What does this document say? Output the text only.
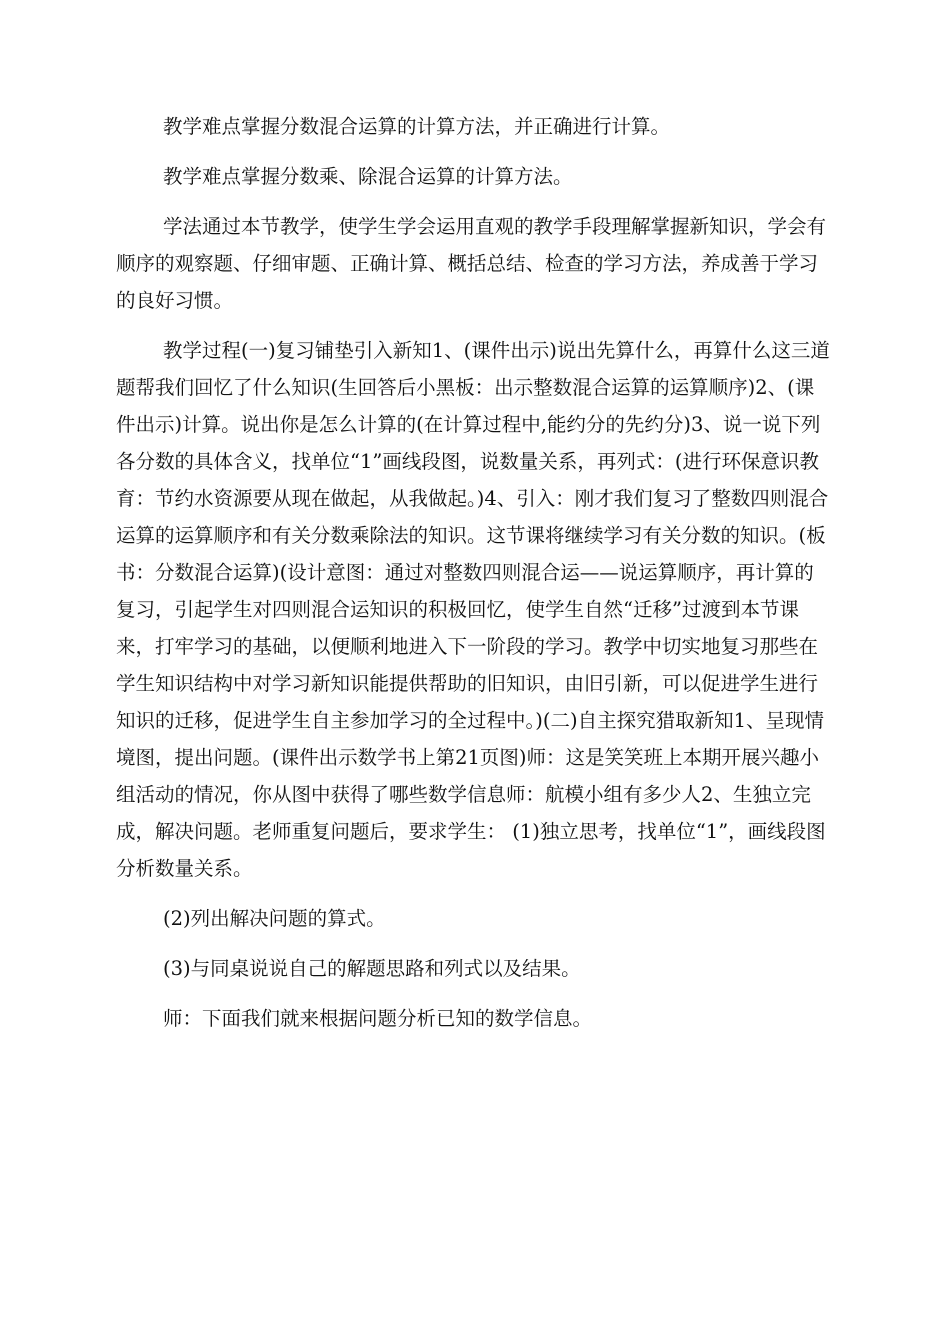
教学难点掌握分数混合运算的计算方法，并正确进行计算。

教学难点掌握分数乘、除混合运算的计算方法。

学法通过本节教学，使学生学会运用直观的教学手段理解掌握新知识，学会有顺序的观察题、仔细审题、正确计算、概括总结、检查的学习方法，养成善于学习的良好习惯。

教学过程(一)复习铺垫引入新知1、(课件出示)说出先算什么，再算什么这三道题帮我们回忆了什么知识(生回答后小黑板：出示整数混合运算的运算顺序)2、(课件出示)计算。说出你是怎么计算的(在计算过程中,能约分的先约分)3、说一说下列各分数的具体含义，找单位“1”画线段图，说数量关系，再列式：(进行环保意识教育：节约水资源要从现在做起，从我做起。)4、引入：刚才我们复习了整数四则混合运算的运算顺序和有关分数乘除法的知识。这节课将继续学习有关分数的知识。(板书：分数混合运算)(设计意图：通过对整数四则混合运——说运算顺序，再计算的复习，引起学生对四则混合运知识的积极回忆，使学生自然“迁移”过渡到本节课来，打牢学习的基础，以便顺利地进入下一阶段的学习。教学中切实地复习那些在学生知识结构中对学习新知识能提供帮助的旧知识，由旧引新，可以促进学生进行知识的迁移，促进学生自主参加学习的全过程中。)(二)自主探究猎取新知1、呈现情境图，提出问题。(课件出示数学书上第21页图)师：这是笑笑班上本期开展兴趣小组活动的情况，你从图中获得了哪些数学信息师：航模小组有多少人2、生独立完成，解决问题。老师重复问题后，要求学生： (1)独立思考，找单位“1”，画线段图分析数量关系。

(2)列出解决问题的算式。

(3)与同桌说说自己的解题思路和列式以及结果。

师：下面我们就来根据问题分析已知的数学信息。
